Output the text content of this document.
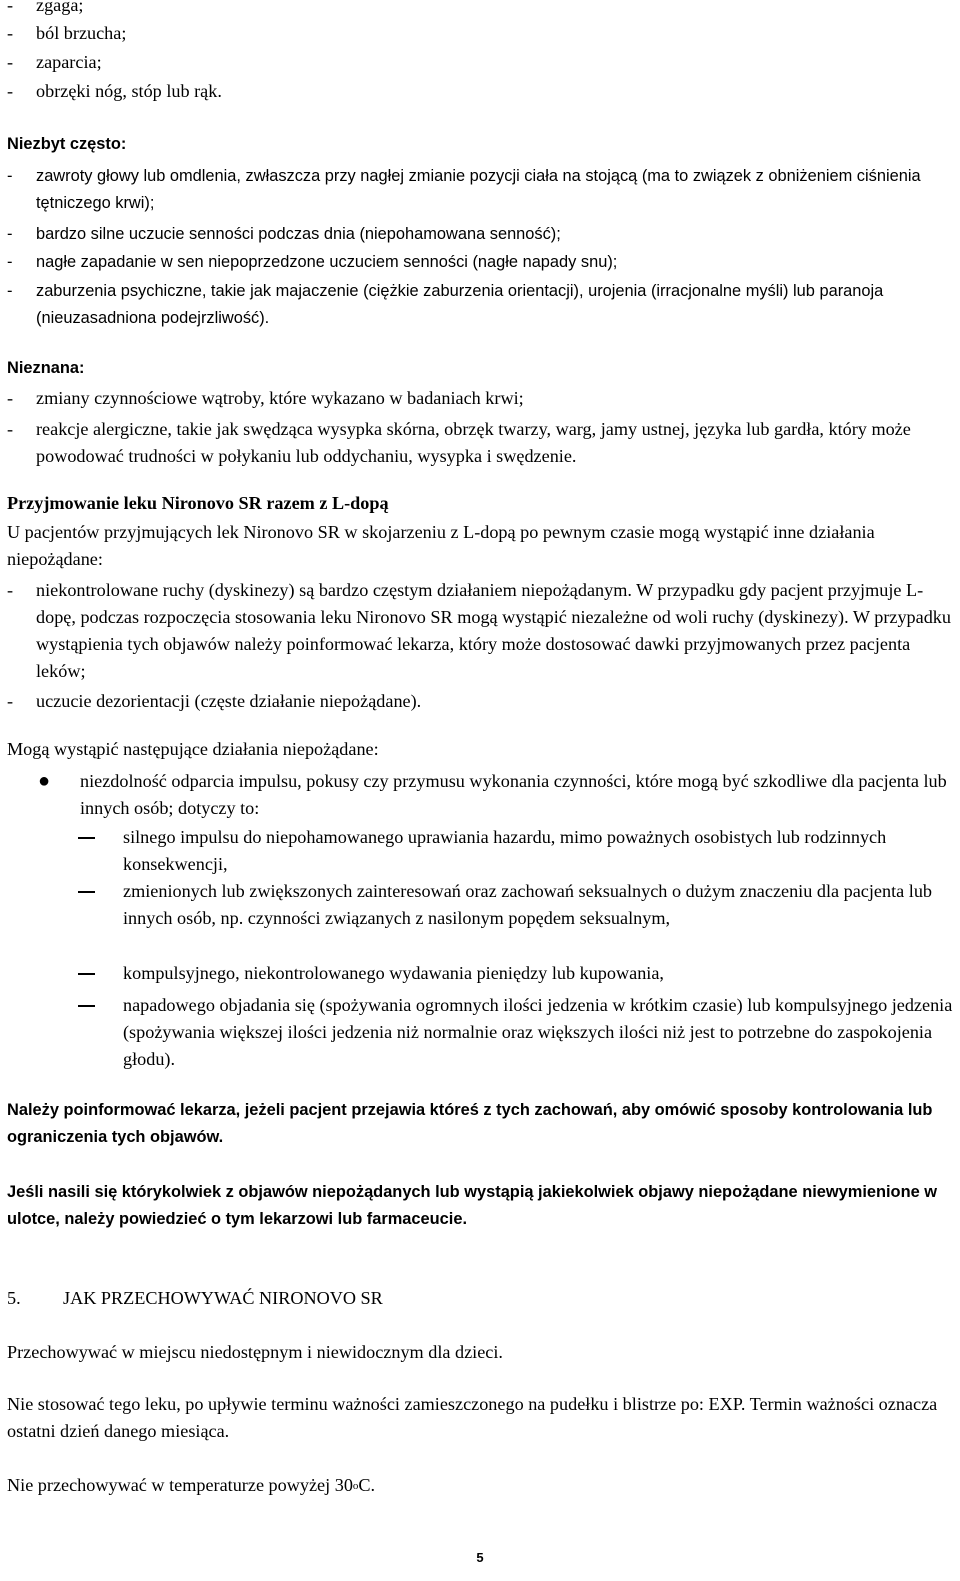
- zgaga;
- ból brzucha;
- zaparcia;
- obrzęki nóg, stóp lub rąk.
Niezbyt często:
- zawroty głowy lub omdlenia, zwłaszcza przy nagłej zmianie pozycji ciała na stojącą (ma to związek z obniżeniem ciśnienia tętniczego krwi);
- bardzo silne uczucie senności podczas dnia (niepohamowana senność);
- nagłe zapadanie w sen niepoprzedzone uczuciem senności (nagłe napady snu);
- zaburzenia psychiczne, takie jak majaczenie (ciężkie zaburzenia orientacji), urojenia (irracjonalne myśli) lub paranoja (nieuzasadniona podejrzliwość).
Nieznana:
- zmiany czynnościowe wątroby, które wykazano w badaniach krwi;
- reakcje alergiczne, takie jak swędząca wysypka skórna, obrzęk twarzy, warg, jamy ustnej, języka lub gardła, który może powodować trudności w połykaniu lub oddychaniu, wysypka i swędzenie.
Przyjmowanie leku Nironovo SR razem z L-dopą
U pacjentów przyjmujących lek Nironovo SR w skojarzeniu z L-dopą po pewnym czasie mogą wystąpić inne działania niepożądane:
- niekontrolowane ruchy (dyskinezy) są bardzo częstym działaniem niepożądanym. W przypadku gdy pacjent przyjmuje L-dopę, podczas rozpoczęcia stosowania leku Nironovo SR mogą wystąpić niezależne od woli ruchy (dyskinezy). W przypadku wystąpienia tych objawów należy poinformować lekarza, który może dostosować dawki przyjmowanych przez pacjenta leków;
- uczucie dezorientacji (częste działanie niepożądane).
Mogą wystąpić następujące działania niepożądane:
● niezdolność odparcia impulsu, pokusy czy przymusu wykonania czynności, które mogą być szkodliwe dla pacjenta lub innych osób; dotyczy to:
silnego impulsu do niepohamowanego uprawiania hazardu, mimo poważnych osobistych lub rodzinnych konsekwencji,
zmienionych lub zwiększonych zainteresowań oraz zachowań seksualnych o dużym znaczeniu dla pacjenta lub innych osób, np. czynności związanych z nasilonym popędem seksualnym,
kompulsyjnego, niekontrolowanego wydawania pieniędzy lub kupowania,
napadowego objadania się (spożywania ogromnych ilości jedzenia w krótkim czasie) lub kompulsyjnego jedzenia (spożywania większej ilości jedzenia niż normalnie oraz większych ilości niż jest to potrzebne do zaspokojenia głodu).
Należy poinformować lekarza, jeżeli pacjent przejawia któreś z tych zachowań, aby omówić sposoby kontrolowania lub ograniczenia tych objawów.
Jeśli nasili się którykolwiek z objawów niepożądanych lub wystąpią jakiekolwiek objawy niepożądane niewymienione w ulotce, należy powiedzieć o tym lekarzowi lub farmaceucie.
5. JAK PRZECHOWYWAĆ NIRONOVO SR
Przechowywać w miejscu niedostępnym i niewidocznym dla dzieci.
Nie stosować tego leku, po upływie terminu ważności zamieszczonego na pudełku i blistrze po: EXP. Termin ważności oznacza ostatni dzień danego miesiąca.
Nie przechowywać w temperaturze powyżej 30$^o$C.
5
